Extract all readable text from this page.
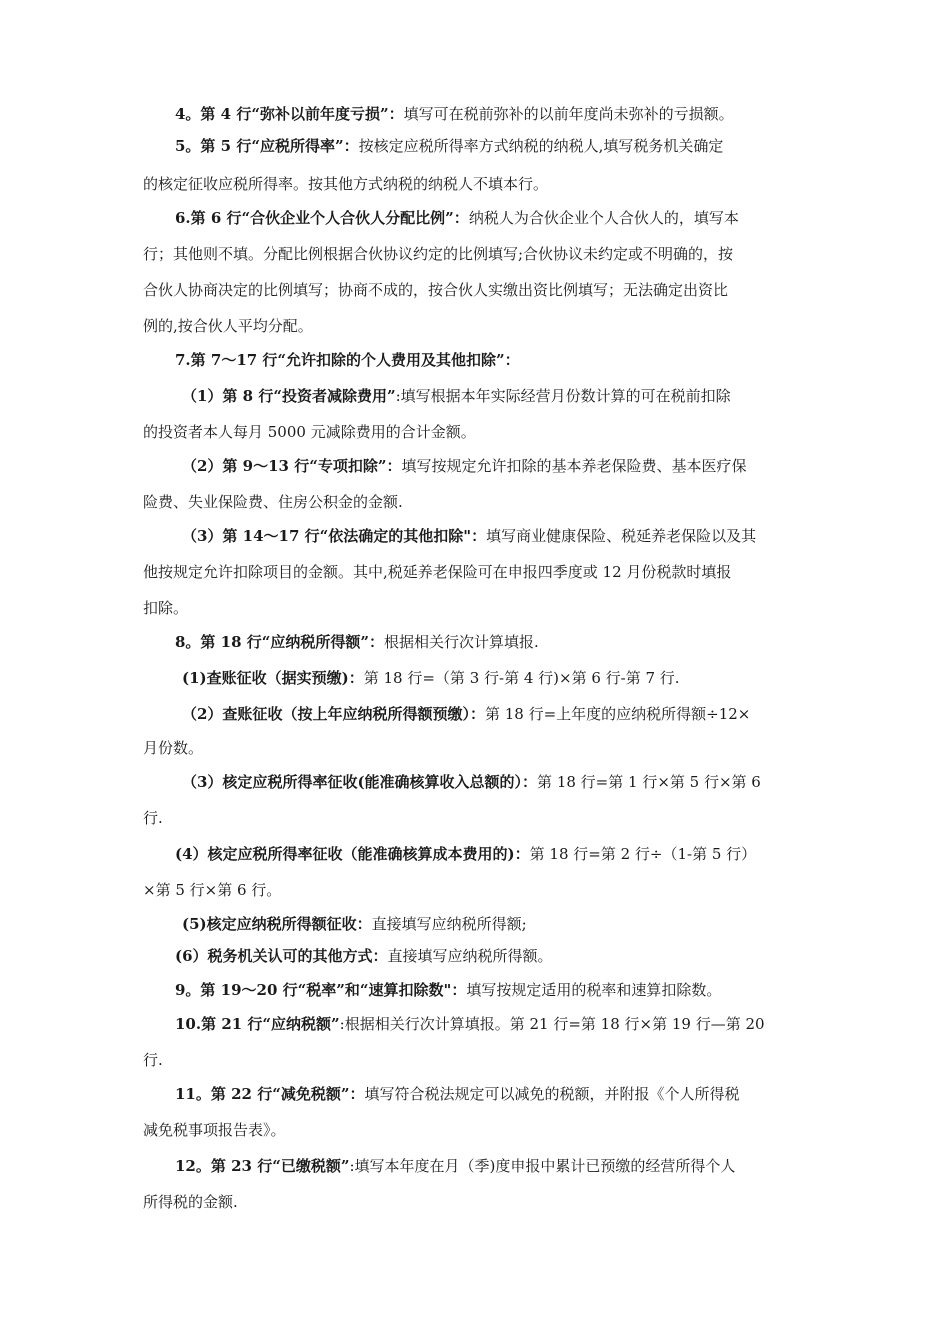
4。第 4 行“弥补以前年度亏损”：填写可在税前弥补的以前年度尚未弥补的亏损额。
5。第 5 行“应税所得率”：按核定应税所得率方式纳税的纳税人,填写税务机关确定
的核定征收应税所得率。按其他方式纳税的纳税人不填本行。
6.第 6 行“合伙企业个人合伙人分配比例”：纳税人为合伙企业个人合伙人的，填写本
行；其他则不填。分配比例根据合伙协议约定的比例填写;合伙协议未约定或不明确的，按
合伙人协商决定的比例填写；协商不成的，按合伙人实缴出资比例填写；无法确定出资比
例的,按合伙人平均分配。
7.第 7～17 行“允许扣除的个人费用及其他扣除”：
（1）第 8 行“投资者减除费用”:填写根据本年实际经营月份数计算的可在税前扣除
的投资者本人每月 5000 元减除费用的合计金额。
（2）第 9～13 行“专项扣除”：填写按规定允许扣除的基本养老保险费、基本医疗保
险费、失业保险费、住房公积金的金额.
（3）第 14～17 行“依法确定的其他扣除"：填写商业健康保险、税延养老保险以及其
他按规定允许扣除项目的金额。其中,税延养老保险可在申报四季度或 12 月份税款时填报
扣除。
8。第 18 行“应纳税所得额”：根据相关行次计算填报.
(1)查账征收（据实预缴)：第 18 行=（第 3 行-第 4 行)×第 6 行-第 7 行.
（2）查账征收（按上年应纳税所得额预缴）：第 18 行=上年度的应纳税所得额÷12×
月份数。
（3）核定应税所得率征收(能准确核算收入总额的）：第 18 行=第 1 行×第 5 行×第 6
行.
(4）核定应税所得率征收（能准确核算成本费用的)：第 18 行=第 2 行÷（1-第 5 行）
×第 5 行×第 6 行。
(5)核定应纳税所得额征收：直接填写应纳税所得额;
(6）税务机关认可的其他方式：直接填写应纳税所得额。
9。第 19～20 行“税率”和“速算扣除数"：填写按规定适用的税率和速算扣除数。
10.第 21 行“应纳税额”:根据相关行次计算填报。第 21 行=第 18 行×第 19 行—第 20
行.
11。第 22 行“减免税额”：填写符合税法规定可以减免的税额，并附报《个人所得税
减免税事项报告表》。
12。第 23 行“已缴税额”:填写本年度在月（季)度申报中累计已预缴的经营所得个人
所得税的金额.
